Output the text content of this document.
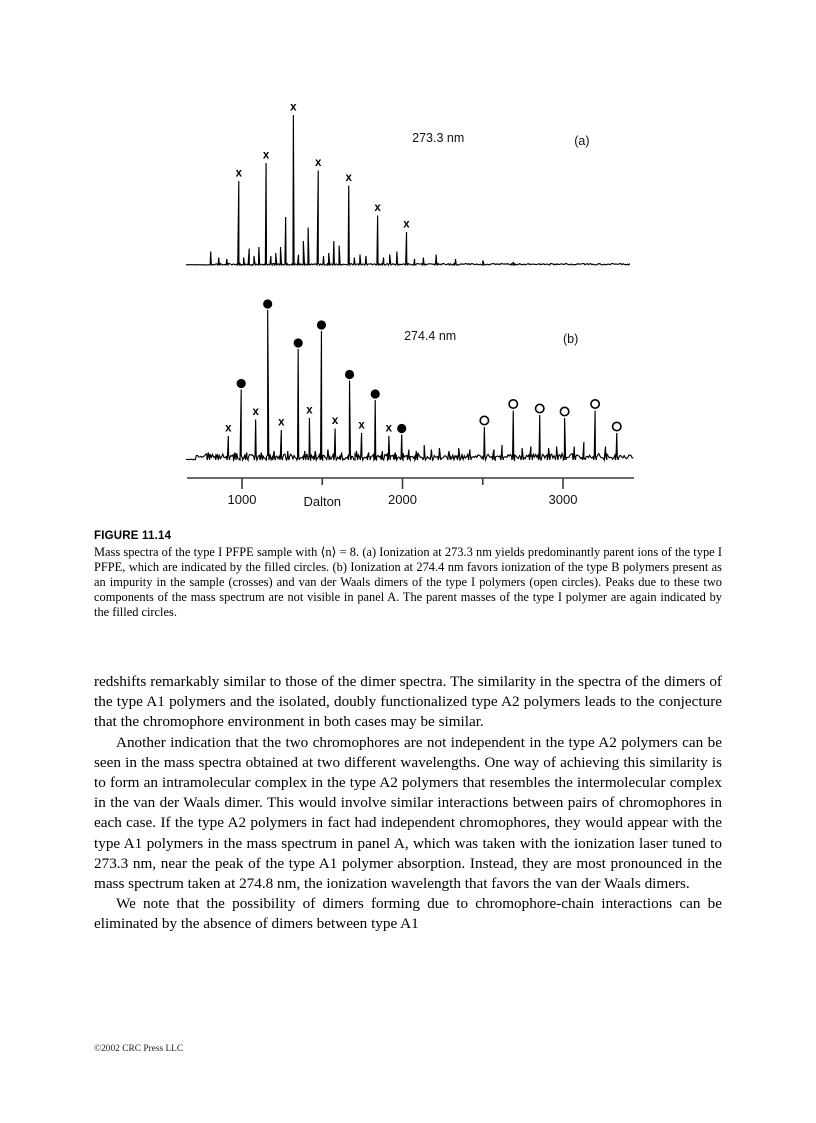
x
x
x
x
x
x
x
273.3 nm	(a)
x
x
x
x
x x x
274.4 nm	(b)
1000	2000	3000
Dalton
FIGURE 11.14

Mass spectra of the type I PFPE sample with ⟨n⟩ = 8. (a) Ionization at 273.3 nm yields predominantly parent ions of the type I PFPE, which are indicated by the filled circles. (b) Ionization at 274.4 nm favors ionization of the type B polymers present as an impurity in the sample (crosses) and van der Waals dimers of the type I polymers (open circles). Peaks due to these two components of the mass spectrum are not visible in panel A. The parent masses of the type I polymer are again indicated by the filled circles.

redshifts remarkably similar to those of the dimer spectra. The similarity in the spectra of the dimers of the type A1 polymers and the isolated, doubly functionalized type A2 polymers leads to the conjecture that the chromophore environment in both cases may be similar.

Another indication that the two chromophores are not independent in the type A2 polymers can be seen in the mass spectra obtained at two different wavelengths. One way of achieving this similarity is to form an intramolecular complex in the type A2 polymers that resembles the intermolecular complex in the van der Waals dimer. This would involve similar interactions between pairs of chromophores in each case. If the type A2 polymers in fact had independent chromophores, they would appear with the type A1 polymers in the mass spectrum in panel A, which was taken with the ionization laser tuned to 273.3 nm, near the peak of the type A1 polymer absorption. Instead, they are most pronounced in the mass spectrum taken at 274.8 nm, the ionization wavelength that favors the van der Waals dimers.

We note that the possibility of dimers forming due to chromophore-chain interactions can be eliminated by the absence of dimers between type A1

©2002 CRC Press LLC
